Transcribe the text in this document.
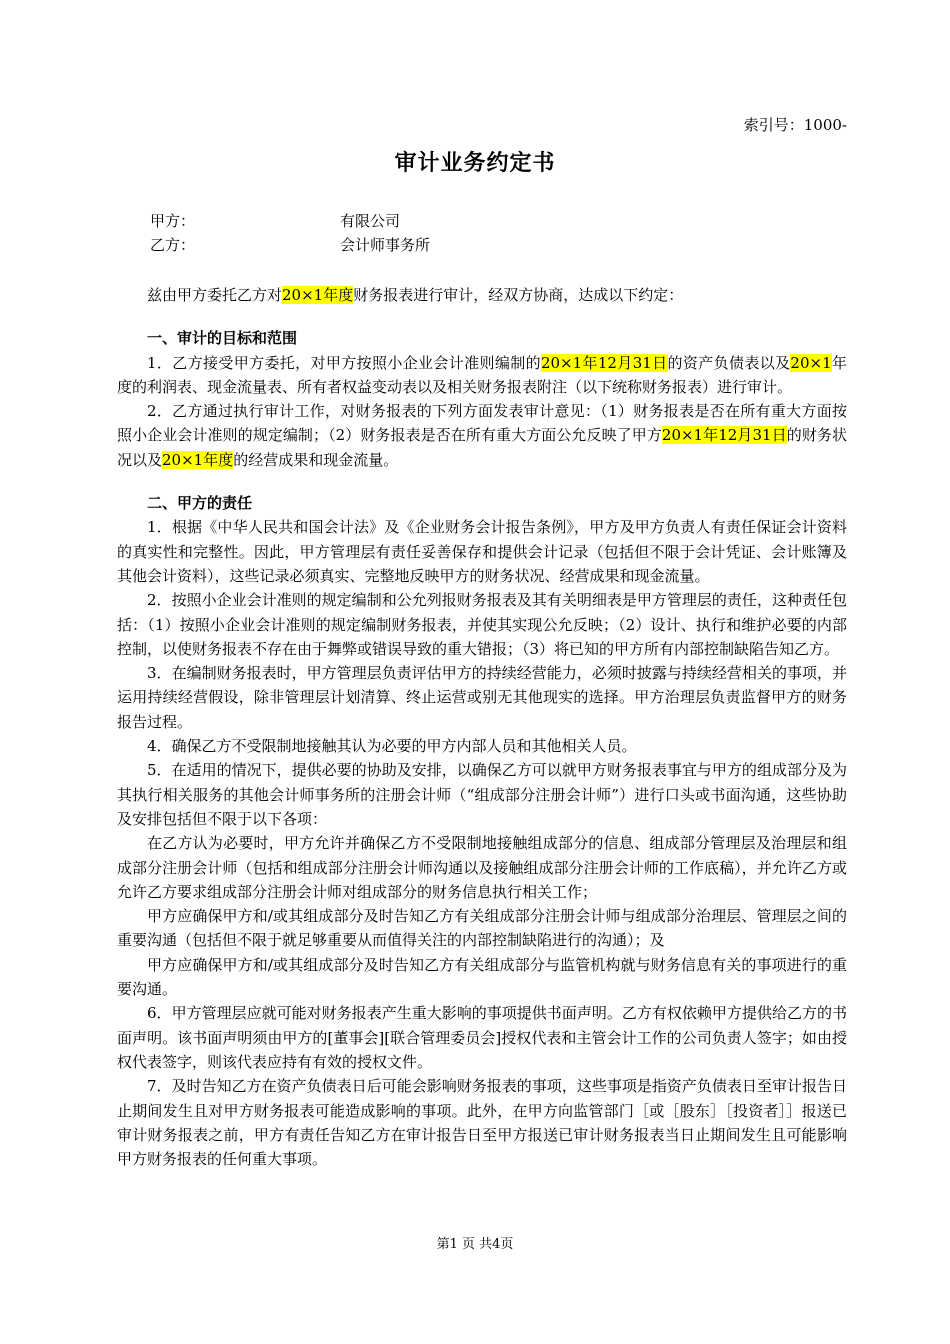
索引号：1000-
审计业务约定书
甲方：	有限公司
乙方：	会计师事务所

兹由甲方委托乙方对20×1年度财务报表进行审计，经双方协商，达成以下约定：

一、审计的目标和范围

1．乙方接受甲方委托，对甲方按照小企业会计准则编制的20×1年12月31日的资产负债表以及20×1年度的利润表、现金流量表、所有者权益变动表以及相关财务报表附注（以下统称财务报表）进行审计。

2．乙方通过执行审计工作，对财务报表的下列方面发表审计意见：（1）财务报表是否在所有重大方面按照小企业会计准则的规定编制；（2）财务报表是否在所有重大方面公允反映了甲方20×1年12月31日的财务状况以及20×1年度的经营成果和现金流量。

二、甲方的责任

1．根据《中华人民共和国会计法》及《企业财务会计报告条例》，甲方及甲方负责人有责任保证会计资料的真实性和完整性。因此，甲方管理层有责任妥善保存和提供会计记录（包括但不限于会计凭证、会计账簿及其他会计资料），这些记录必须真实、完整地反映甲方的财务状况、经营成果和现金流量。

2．按照小企业会计准则的规定编制和公允列报财务报表及其有关明细表是甲方管理层的责任，这种责任包括：（1）按照小企业会计准则的规定编制财务报表，并使其实现公允反映；（2）设计、执行和维护必要的内部控制，以使财务报表不存在由于舞弊或错误导致的重大错报；（3）将已知的甲方所有内部控制缺陷告知乙方。

3．在编制财务报表时，甲方管理层负责评估甲方的持续经营能力，必须时披露与持续经营相关的事项，并运用持续经营假设，除非管理层计划清算、终止运营或别无其他现实的选择。甲方治理层负责监督甲方的财务报告过程。

4．确保乙方不受限制地接触其认为必要的甲方内部人员和其他相关人员。

5．在适用的情况下，提供必要的协助及安排，以确保乙方可以就甲方财务报表事宜与甲方的组成部分及为其执行相关服务的其他会计师事务所的注册会计师（“组成部分注册会计师”）进行口头或书面沟通，这些协助及安排包括但不限于以下各项：

在乙方认为必要时，甲方允许并确保乙方不受限制地接触组成部分的信息、组成部分管理层及治理层和组成部分注册会计师（包括和组成部分注册会计师沟通以及接触组成部分注册会计师的工作底稿），并允许乙方或允许乙方要求组成部分注册会计师对组成部分的财务信息执行相关工作；

甲方应确保甲方和/或其组成部分及时告知乙方有关组成部分注册会计师与组成部分治理层、管理层之间的重要沟通（包括但不限于就足够重要从而值得关注的内部控制缺陷进行的沟通）；及

甲方应确保甲方和/或其组成部分及时告知乙方有关组成部分与监管机构就与财务信息有关的事项进行的重要沟通。

6．甲方管理层应就可能对财务报表产生重大影响的事项提供书面声明。乙方有权依赖甲方提供给乙方的书面声明。该书面声明须由甲方的[董事会][联合管理委员会]授权代表和主管会计工作的公司负责人签字；如由授权代表签字，则该代表应持有有效的授权文件。

7．及时告知乙方在资产负债表日后可能会影响财务报表的事项，这些事项是指资产负债表日至审计报告日止期间发生且对甲方财务报表可能造成影响的事项。此外，在甲方向监管部门［或［股东］［投资者］］报送已审计财务报表之前，甲方有责任告知乙方在审计报告日至甲方报送已审计财务报表当日止期间发生且可能影响甲方财务报表的任何重大事项。

第1 页 共4页
